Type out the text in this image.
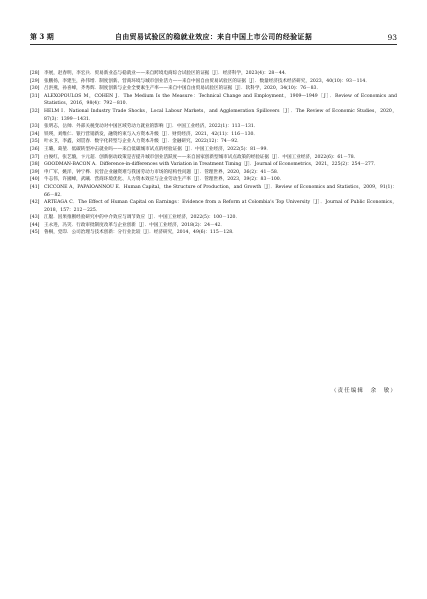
第 3 期	自由贸易试验区的稳就业效应：来自中国上市公司的经验证据	93
[28] 李展，赵春明，李宏兵．贸易新业态与稳就业——来自跨境电商综合试验区的证据［J］．经济科学，2023(4)：28－44．
[29] 张鹏扬，李建生，孙伟增．制度创新、营商环境与城市创业活力——来自中国自由贸易试验区的证据［J］．数量经济技术经济研究，2023，40(10)：93－114．
[30] 吕洪燕，孙喜峰，齐秀辉．制度创新与企业全要素生产率——来自中国自由贸易试验区的证据［J］．软科学，2020，34(10)：76－83．
[31] ALEXOPOULOS M，COHEN J．The Medium Is the Measure：Technical Change and Employment，1909—1949［J］．Review of Economics and Statistics，2016，98(4)：792－810．
[32] HELM I．National Industry Trade Shocks，Local Labour Markets，and Agglomeration Spillovers［J］．The Review of Economic Studies，2020，87(3)：1399－1431．
[33] 张明志，岳帅．外部关税变动对中国区域劳动力就业的影响［J］．中国工业经济，2022(1)：113－131．
[34] 铁瑛，刘维仁．银行营销新发，融资约束与入方资本升级［J］．财贸经济，2021，42(11)：116－130．
[35] 叶永卫，李鑫，刘贯春．数字化转型与企业人力资本升级［J］．金融研究，2022(12)：74－92．
[36] 王璐，葛堃．低碳转型冲击就业吗——来自低碳城市试点的经验证据［J］．中国工业经济，2022(5)：81－99．
[37] 白俊红，张艺璇，卞元超．创新驱动政策是否提升城市创业活跃度——来自国家创新型城市试点政策的经验证据［J］．中国工业经济，2022(6)：61－78．
[38] GOODMAN-BACON A．Difference-in-differences with Variation in Treatment Timing［J］．Journal of Econometrics，2021，225(2)：254－277．
[39] 申广军，姚洋，钟宁桦．民营企业融资难与我国劳动力市场的结构性问题［J］．管理世界，2020，36(2)：41－58．
[40] 牛志伟，许國峰，武曦．营商环境优化、人力资本效应与企业劳动生产率［J］．管理世界，2023，39(2)：83－100．
[41] CICCONE A，PAPAIOANNOU E．Human Capital，the Structure of Production，and Growth［J］．Review of Economics and Statistics，2009，91(1)：66－82．
[42] ARTEAGA C．The Effect of Human Capital on Earnings：Evidence from a Reform at Colombia's Top University［J］．Journal of Public Economics，2018，157：212－225．
[43] 江艇．因果推断经验研究中的中介效应与调节效应［J］．中国工业经济，2022(5)：100－120．
[44] 王永进，冯笑．行政审批制度改革与企业创新［J］．中国工业经济，2018(2)：24－42．
[45] 鲁桐，党印．公司治理与技术创新：分行业比较［J］．经济研究，2014，49(6)：115－128．
（责任编辑　余　敏）
